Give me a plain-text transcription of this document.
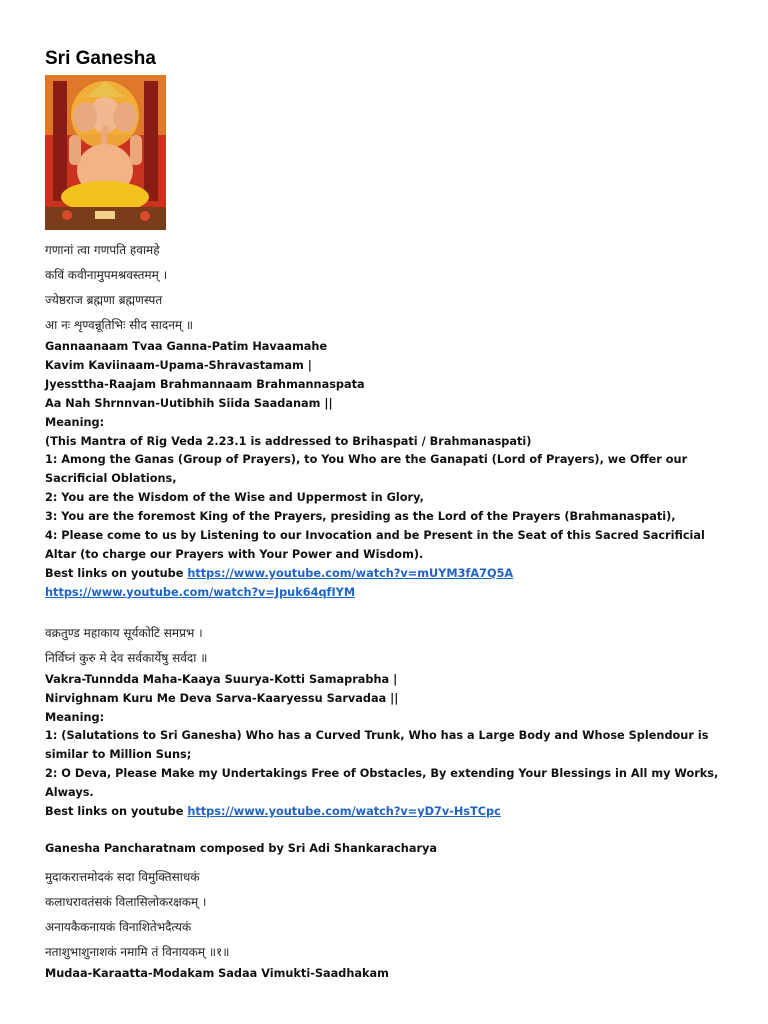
Sri Ganesha
गणानां त्वा गणपति हवामहे
कविं कवीनामुपमश्रवस्तमम् ।
ज्येष्ठराज ब्रह्मणा ब्रह्मणस्पत
आ नः शृण्वन्नूतिभिः सीद सादनम् ॥
Gannaanaam Tvaa Ganna-Patim Havaamahe
Kavim Kaviinaam-Upama-Shravastamam |
Jyessttha-Raajam Brahmannaam Brahmannaspata
Aa Nah Shrnnvan-Uutibhih Siida Saadanam ||
Meaning:
(This Mantra of Rig Veda 2.23.1 is addressed to Brihaspati / Brahmanaspati)
1: Among the Ganas (Group of Prayers), to You Who are the Ganapati (Lord of Prayers), we Offer our Sacrificial Oblations,
2: You are the Wisdom of the Wise and Uppermost in Glory,
3: You are the foremost King of the Prayers, presiding as the Lord of the Prayers (Brahmanaspati),
4: Please come to us by Listening to our Invocation and be Present in the Seat of this Sacred Sacrificial Altar (to charge our Prayers with Your Power and Wisdom).
Best links on youtube https://www.youtube.com/watch?v=mUYM3fA7Q5A
https://www.youtube.com/watch?v=Jpuk64qfIYM
वक्रतुण्ड महाकाय सूर्यकोटि समप्रभ ।
निर्विघ्नं कुरु मे देव सर्वकार्येषु सर्वदा ॥
Vakra-Tunndda Maha-Kaaya Suurya-Kotti Samaprabha |
Nirvighnam Kuru Me Deva Sarva-Kaaryessu Sarvadaa ||
Meaning:
1: (Salutations to Sri Ganesha) Who has a Curved Trunk, Who has a Large Body and Whose Splendour is similar to Million Suns;
2: O Deva, Please Make my Undertakings Free of Obstacles, By extending Your Blessings in All my Works, Always.
Best links on youtube https://www.youtube.com/watch?v=yD7v-HsTCpc
Ganesha Pancharatnam composed by Sri Adi Shankaracharya
मुदाकरात्तमोदकं सदा विमुक्तिसाधकं
कलाधरावतंसकं विलासिलोकरक्षकम् ।
अनायकैकनायकं विनाशितेभदैत्यकं
नताशुभाशुनाशकं नमामि तं विनायकम् ॥१॥
Mudaa-Karaatta-Modakam Sadaa Vimukti-Saadhakam
